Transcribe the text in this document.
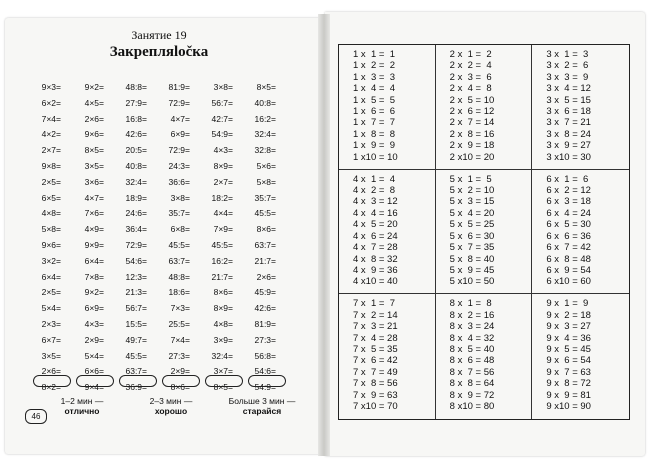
Занятие 19
Закрепляločка
9×3=	9×2=	48:8=	81:9=	3×8=	8×5=
6×2=	4×5=	27:9=	72:9=	56:7=	40:8=
7×4=	2×6=	16:8=	4×7=	42:7=	16:2=
4×2=	9×6=	42:6=	6×9=	54:9=	32:4=
2×7=	8×5=	20:5=	72:9=	4×3=	32:8=
9×8=	3×5=	40:8=	24:3=	8×9=	5×6=
2×5=	3×6=	32:4=	36:6=	2×7=	5×8=
6×5=	4×7=	18:9=	3×8=	18:2=	35:7=
4×8=	7×6=	24:6=	35:7=	4×4=	45:5=
5×8=	4×9=	36:4=	6×8=	7×9=	8×6=
9×6=	9×9=	72:9=	45:5=	45:5=	63:7=
3×2=	6×4=	54:6=	63:7=	16:2=	21:7=
6×4=	7×8=	12:3=	48:8=	21:7=	2×6=
2×5=	9×2=	21:3=	18:6=	8×6=	45:9=
5×4=	6×9=	56:7=	7×3=	8×9=	42:6=
2×3=	4×3=	15:5=	25:5=	4×8=	81:9=
6×7=	2×9=	49:7=	7×4=	3×9=	27:3=
3×5=	5×4=	45:5=	27:3=	32:4=	56:8=
2×6=	6×6=	63:7=	2×9=	3×7=	54:6=
8×2=	9×4=	36:9=	8×6=	8×5=	54:9=
1–2 мин —
отлично
2–3 мин —
хорошо
Больше 3 мин —
старайся
46
1 x  1 =  1
1 x  2 =  2
1 x  3 =  3
1 x  4 =  4
1 x  5 =  5
1 x  6 =  6
1 x  7 =  7
1 x  8 =  8
1 x  9 =  9
1 x10 = 10
2 x  1 =  2
2 x  2 =  4
2 x  3 =  6
2 x  4 =  8
2 x  5 = 10
2 x  6 = 12
2 x  7 = 14
2 x  8 = 16
2 x  9 = 18
2 x10 = 20
3 x  1 =  3
3 x  2 =  6
3 x  3 =  9
3 x  4 = 12
3 x  5 = 15
3 x  6 = 18
3 x  7 = 21
3 x  8 = 24
3 x  9 = 27
3 x10 = 30
4 x  1 =  4
4 x  2 =  8
4 x  3 = 12
4 x  4 = 16
4 x  5 = 20
4 x  6 = 24
4 x  7 = 28
4 x  8 = 32
4 x  9 = 36
4 x10 = 40
5 x  1 =  5
5 x  2 = 10
5 x  3 = 15
5 x  4 = 20
5 x  5 = 25
5 x  6 = 30
5 x  7 = 35
5 x  8 = 40
5 x  9 = 45
5 x10 = 50
6 x  1 =  6
6 x  2 = 12
6 x  3 = 18
6 x  4 = 24
6 x  5 = 30
6 x  6 = 36
6 x  7 = 42
6 x  8 = 48
6 x  9 = 54
6 x10 = 60
7 x  1 =  7
7 x  2 = 14
7 x  3 = 21
7 x  4 = 28
7 x  5 = 35
7 x  6 = 42
7 x  7 = 49
7 x  8 = 56
7 x  9 = 63
7 x10 = 70
8 x  1 =  8
8 x  2 = 16
8 x  3 = 24
8 x  4 = 32
8 x  5 = 40
8 x  6 = 48
8 x  7 = 56
8 x  8 = 64
8 x  9 = 72
8 x10 = 80
9 x  1 =  9
9 x  2 = 18
9 x  3 = 27
9 x  4 = 36
9 x  5 = 45
9 x  6 = 54
9 x  7 = 63
9 x  8 = 72
9 x  9 = 81
9 x10 = 90
